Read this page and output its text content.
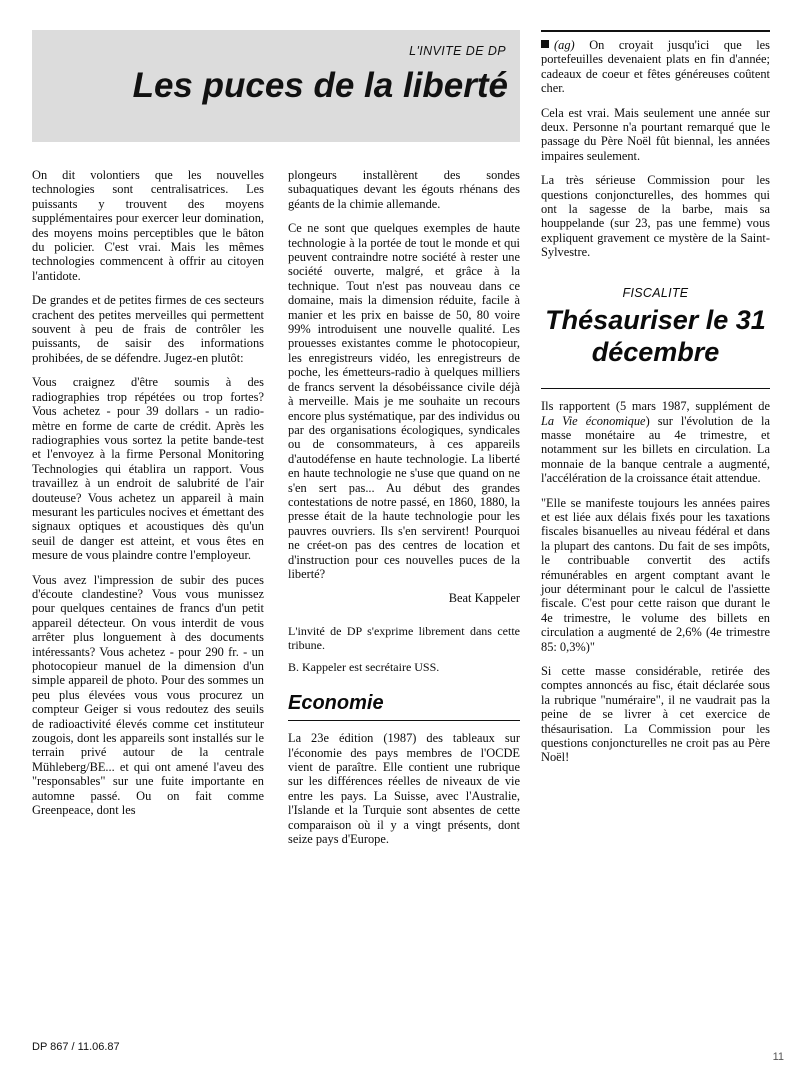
L'INVITE DE DP
Les puces de la liberté

On dit volontiers que les nouvelles technologies sont centralisatrices. Les puissants y trouvent des moyens supplémentaires pour exercer leur domination, des moyens moins perceptibles que le bâton du policier. C'est vrai. Mais les mêmes technologies commencent à offrir au citoyen l'antidote.

De grandes et de petites firmes de ces secteurs crachent des petites merveilles qui permettent souvent à peu de frais de contrôler les puissants, de saisir des informations prohibées, de se défendre. Jugez-en plutôt:

Vous craignez d'être soumis à des radiographies trop répétées ou trop fortes? Vous achetez - pour 39 dollars - un radio-mètre en forme de carte de crédit. Après les radiographies vous sortez la petite bande-test et l'envoyez à la firme Personal Monitoring Technologies qui établira un rapport. Vous travaillez à un endroit de salubrité de l'air douteuse? Vous achetez un appareil à main mesurant les particules nocives et émettant des signaux optiques et acoustiques dès qu'un seuil de danger est atteint, et vous êtes en mesure de vous plaindre contre l'employeur.

Vous avez l'impression de subir des puces d'écoute clandestine? Vous vous munissez pour quelques centaines de francs d'un petit appareil détecteur. On vous interdit de vous arrêter plus longuement à des documents intéressants? Vous achetez - pour 290 fr. - un photocopieur manuel de la dimension d'un simple appareil de photo. Pour des sommes un peu plus élevées vous vous procurez un compteur Geiger si vous redoutez des seuils de radioactivité élevés comme cet instituteur zougois, dont les appareils sont installés sur le terrain privé autour de la centrale Mühleberg/BE... et qui ont amené l'aveu des "responsables" sur une fuite importante en automne passé. Ou on fait comme Greenpeace, dont les

plongeurs installèrent des sondes subaquatiques devant les égouts rhénans des géants de la chimie allemande.

Ce ne sont que quelques exemples de haute technologie à la portée de tout le monde et qui peuvent contraindre notre société à rester une société ouverte, malgré, et grâce à la technique. Tout n'est pas nouveau dans ce domaine, mais la dimension réduite, facile à manier et les prix en baisse de 50, 80 voire 99% introduisent une nouvelle qualité. Les prouesses existantes comme le photocopieur, les enregistreurs vidéo, les enregistreurs de poche, les émetteurs-radio à quelques milliers de francs servent la désobéissance civile déjà à merveille. Mais je me souhaite un recours encore plus systématique, par des individus ou par des organisations écologiques, syndicales ou de consommateurs, à ces appareils d'autodéfense en haute technologie. La liberté en haute technologie ne s'use que quand on ne s'en sert pas... Au début des grandes contestations de notre passé, en 1860, 1880, la presse était de la haute technologie pour les pauvres ouvriers. Ils s'en servirent! Pourquoi ne créet-on pas des centres de location et d'instruction pour ces nouvelles puces de la liberté?

Beat Kappeler

L'invité de DP s'exprime librement dans cette tribune.

B. Kappeler est secrétaire USS.

Economie

La 23e édition (1987) des tableaux sur l'économie des pays membres de l'OCDE vient de paraître. Elle contient une rubrique sur les différences réelles de niveaux de vie entre les pays. La Suisse, avec l'Australie, l'Islande et la Turquie sont absentes de cette comparaison où il y a vingt présents, dont seize pays d'Europe.

(ag) On croyait jusqu'ici que les portefeuilles devenaient plats en fin d'année; cadeaux de coeur et fêtes généreuses coûtent cher.

Cela est vrai. Mais seulement une année sur deux. Personne n'a pourtant remarqué que le passage du Père Noël fût biennal, les années impaires seulement.

La très sérieuse Commission pour les questions conjoncturelles, des hommes qui ont la sagesse de la barbe, mais sa houppelande (sur 23, pas une femme) vous expliquent gravement ce mystère de la Saint-Sylvestre.

FISCALITE
Thésauriser le 31 décembre

Ils rapportent (5 mars 1987, supplément de La Vie économique) sur l'évolution de la masse monétaire au 4e trimestre, et notamment sur les billets en circulation. La monnaie de la banque centrale a augmenté, l'accélération de la croissance était attendue.

"Elle se manifeste toujours les années paires et est liée aux délais fixés pour les taxations fiscales bisanuelles au niveau fédéral et dans la plupart des cantons. Du fait de ses impôts, le contribuable convertit des actifs rémunérables en argent comptant avant le jour déterminant pour le calcul de l'assiette fiscale. C'est pour cette raison que durant le 4e trimestre, le volume des billets en circulation a augmenté de 2,6% (4e trimestre 85: 0,3%)"

Si cette masse considérable, retirée des comptes annoncés au fisc, était déclarée sous la rubrique "numéraire", il ne vaudrait pas la peine de se livrer à cet exercice de thésaurisation. La Commission pour les questions conjoncturelles ne croit pas au Père Noël!

DP 867 / 11.06.87
11
